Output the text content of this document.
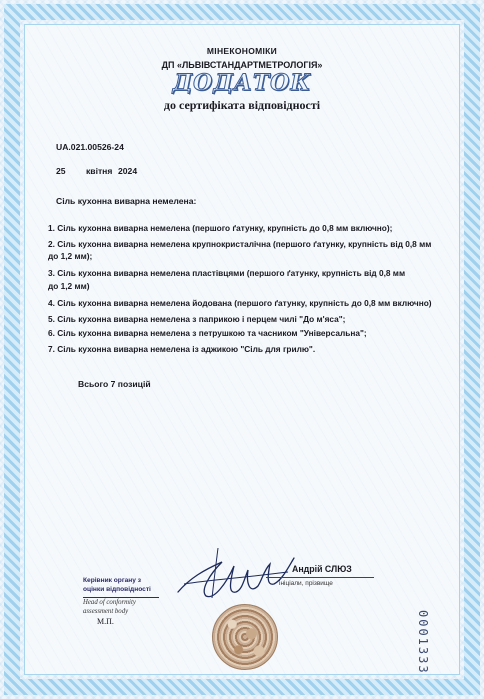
МІНЕКОНОМІКИ
ДП «ЛЬВІВСТАНДАРТМЕТРОЛОГІЯ»
ДОДАТОК
до сертифіката відповідності
UA.021.00526-24
25 квітня 2024
Сіль кухонна виварна немелена:
1. Сіль кухонна виварна немелена (першого ґатунку, крупність до 0,8 мм включно);
2. Сіль кухонна виварна немелена крупнокристалічна (першого ґатунку, крупність від 0,8 мм
до 1,2 мм);
3. Сіль кухонна виварна немелена пластівцями (першого ґатунку, крупність від 0,8 мм
до 1,2 мм)
4. Сіль кухонна виварна немелена йодована (першого ґатунку, крупність до 0,8 мм включно)
5. Сіль кухонна виварна немелена з паприкою і перцем чилі "До м'яса";
6. Сіль кухонна виварна немелена з петрушкою та часником "Універсальна";
7. Сіль кухонна виварна немелена із аджикою "Сіль для грилю".
Всього 7 позицій
Андрій СЛЮЗ
ініціали, прізвище
Керівник органу з
оцінки відповідності
Head of conformity
assessment body
М.П.	0001333
